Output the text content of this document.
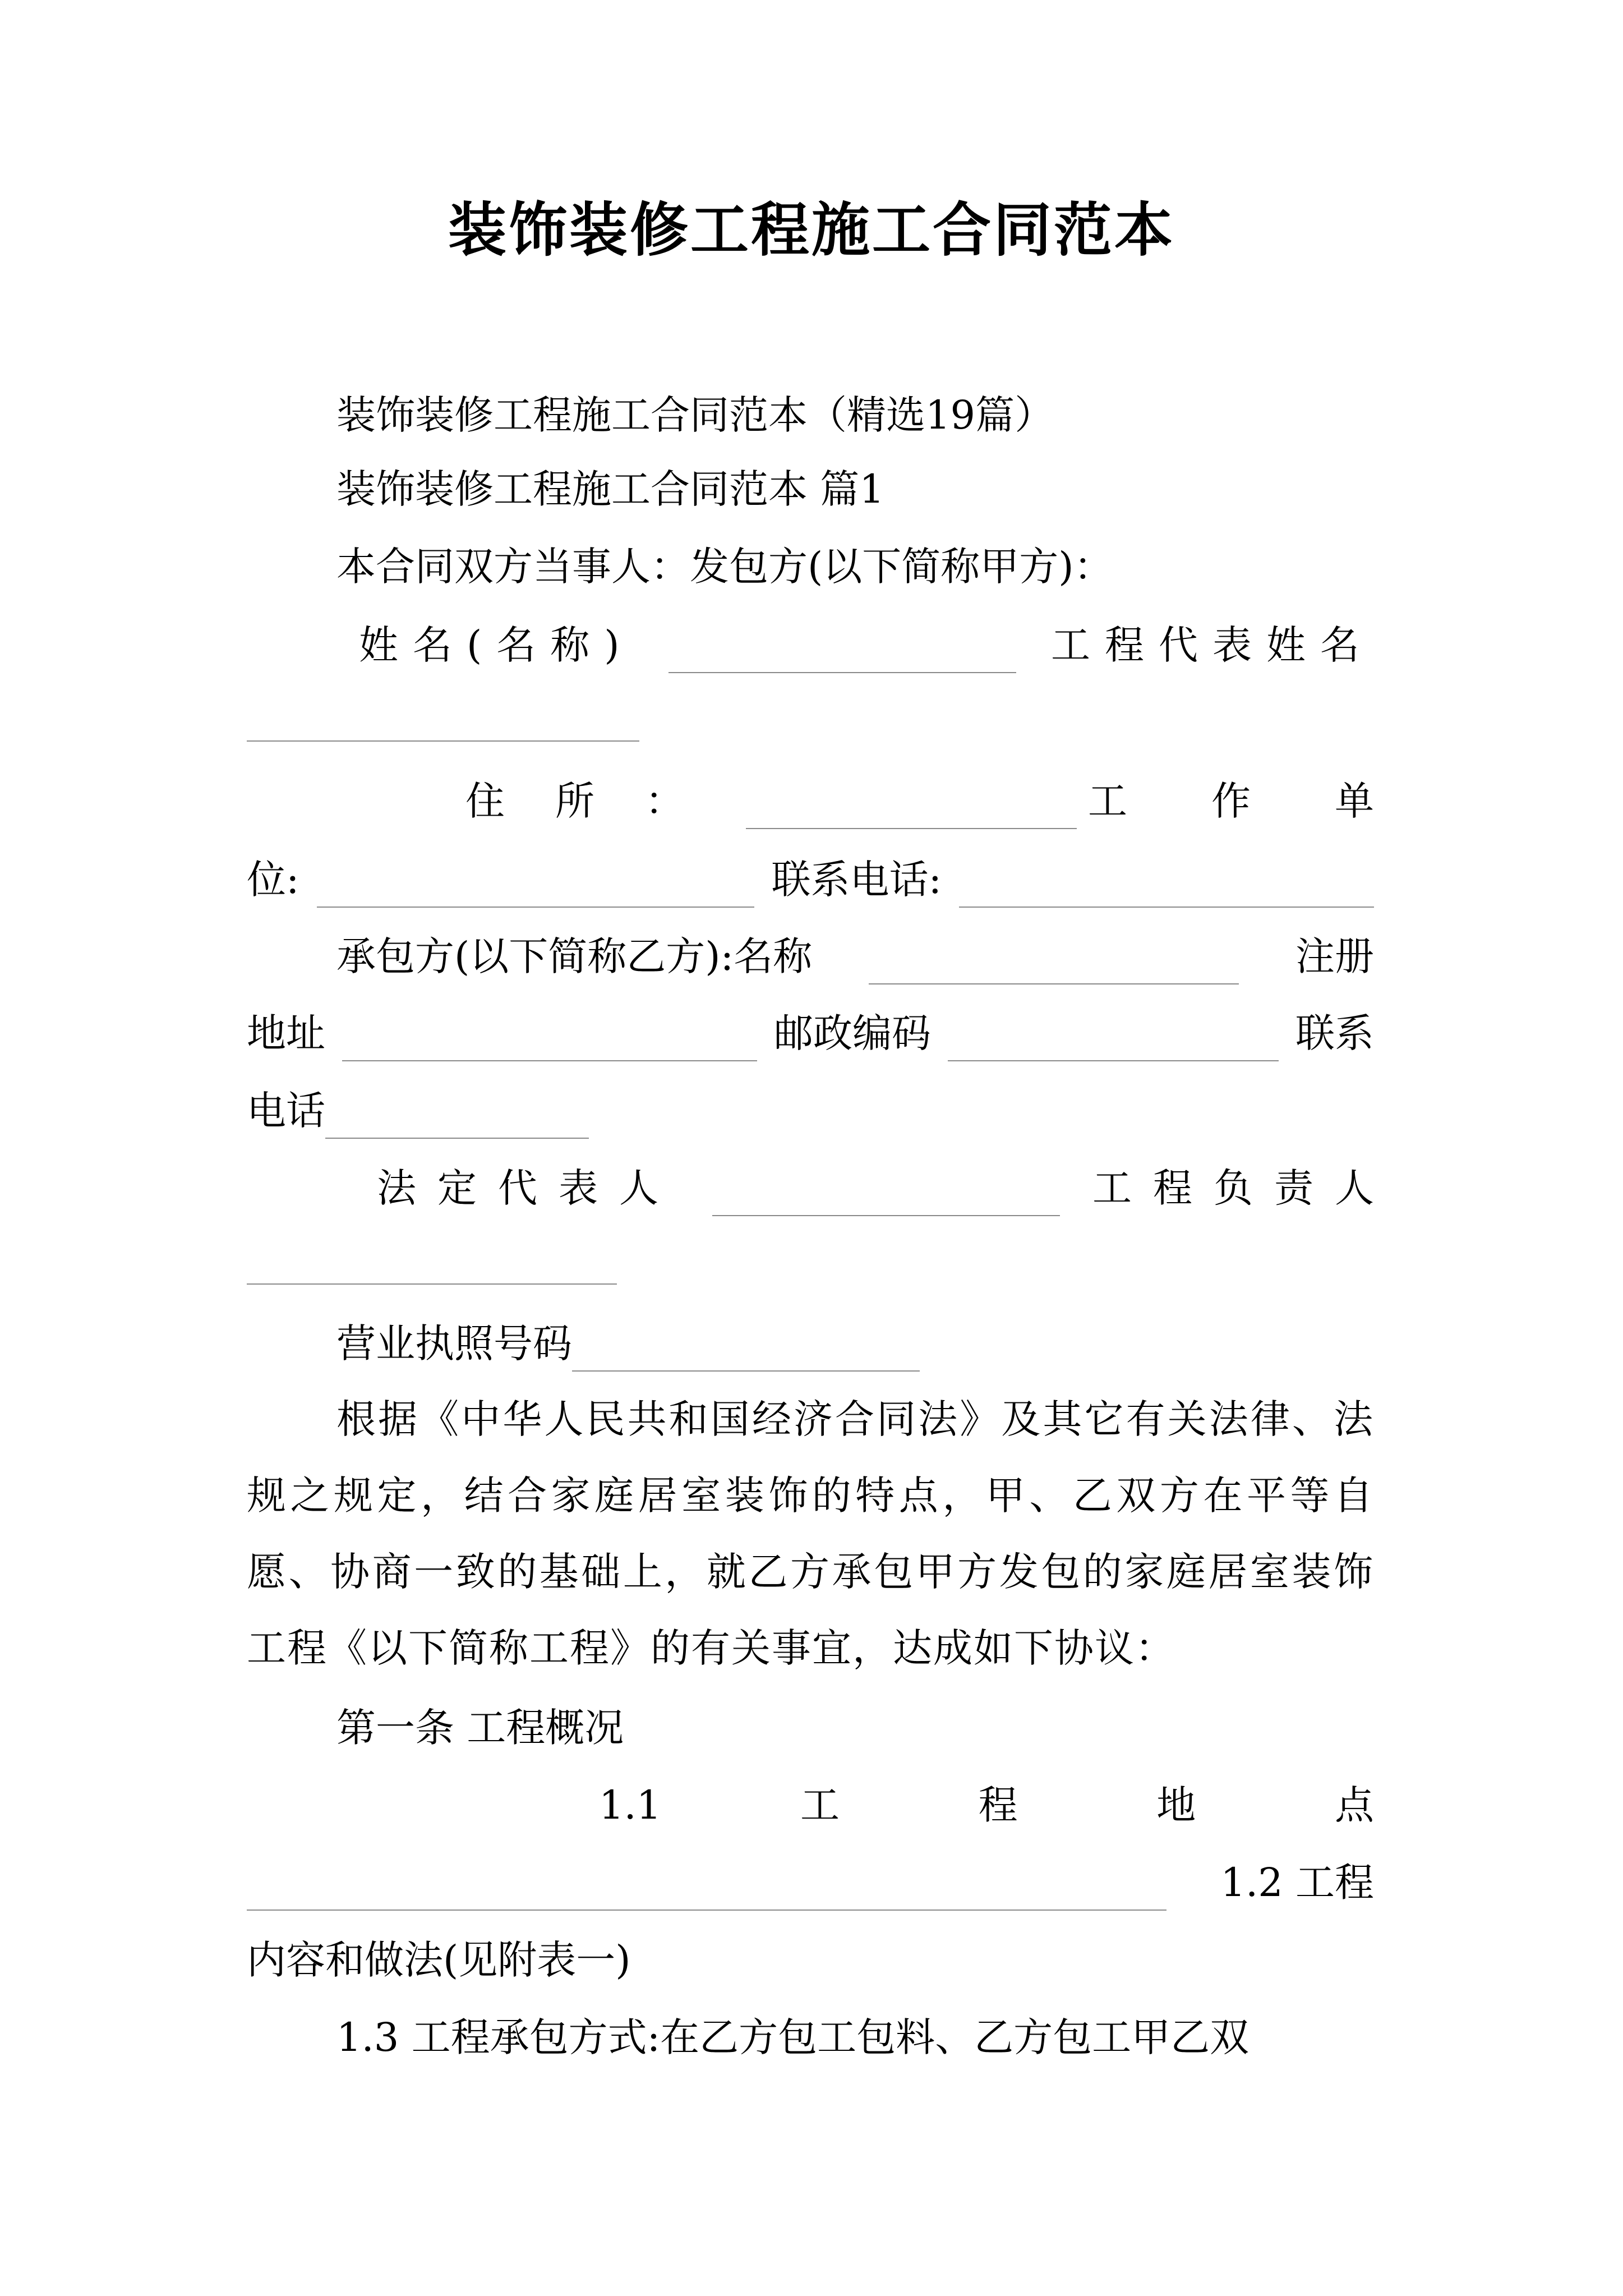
装饰装修工程施工合同范本
装饰装修工程施工合同范本（精选19篇）
装饰装修工程施工合同范本 篇1
本合同双方当事人：发包方(以下简称甲方)：
姓名(名称)	工程代表姓名
住所：	工作单
位:	联系电话:
承包方(以下简称乙方):名称	注册
地址	邮政编码	联系
电话
法定代表人	工程负责人
营业执照号码

根据《中华人民共和国经济合同法》及其它有关法律、法规之规定，结合家庭居室装饰的特点，甲、乙双方在平等自愿、协商一致的基础上，就乙方承包甲方发包的家庭居室装饰工程《以下简称工程》的有关事宜，达成如下协议：

第一条 工程概况
1.1	工	程	地	点
1.2 工程
内容和做法(见附表一)
1.3 工程承包方式:在乙方包工包料、乙方包工甲乙双
